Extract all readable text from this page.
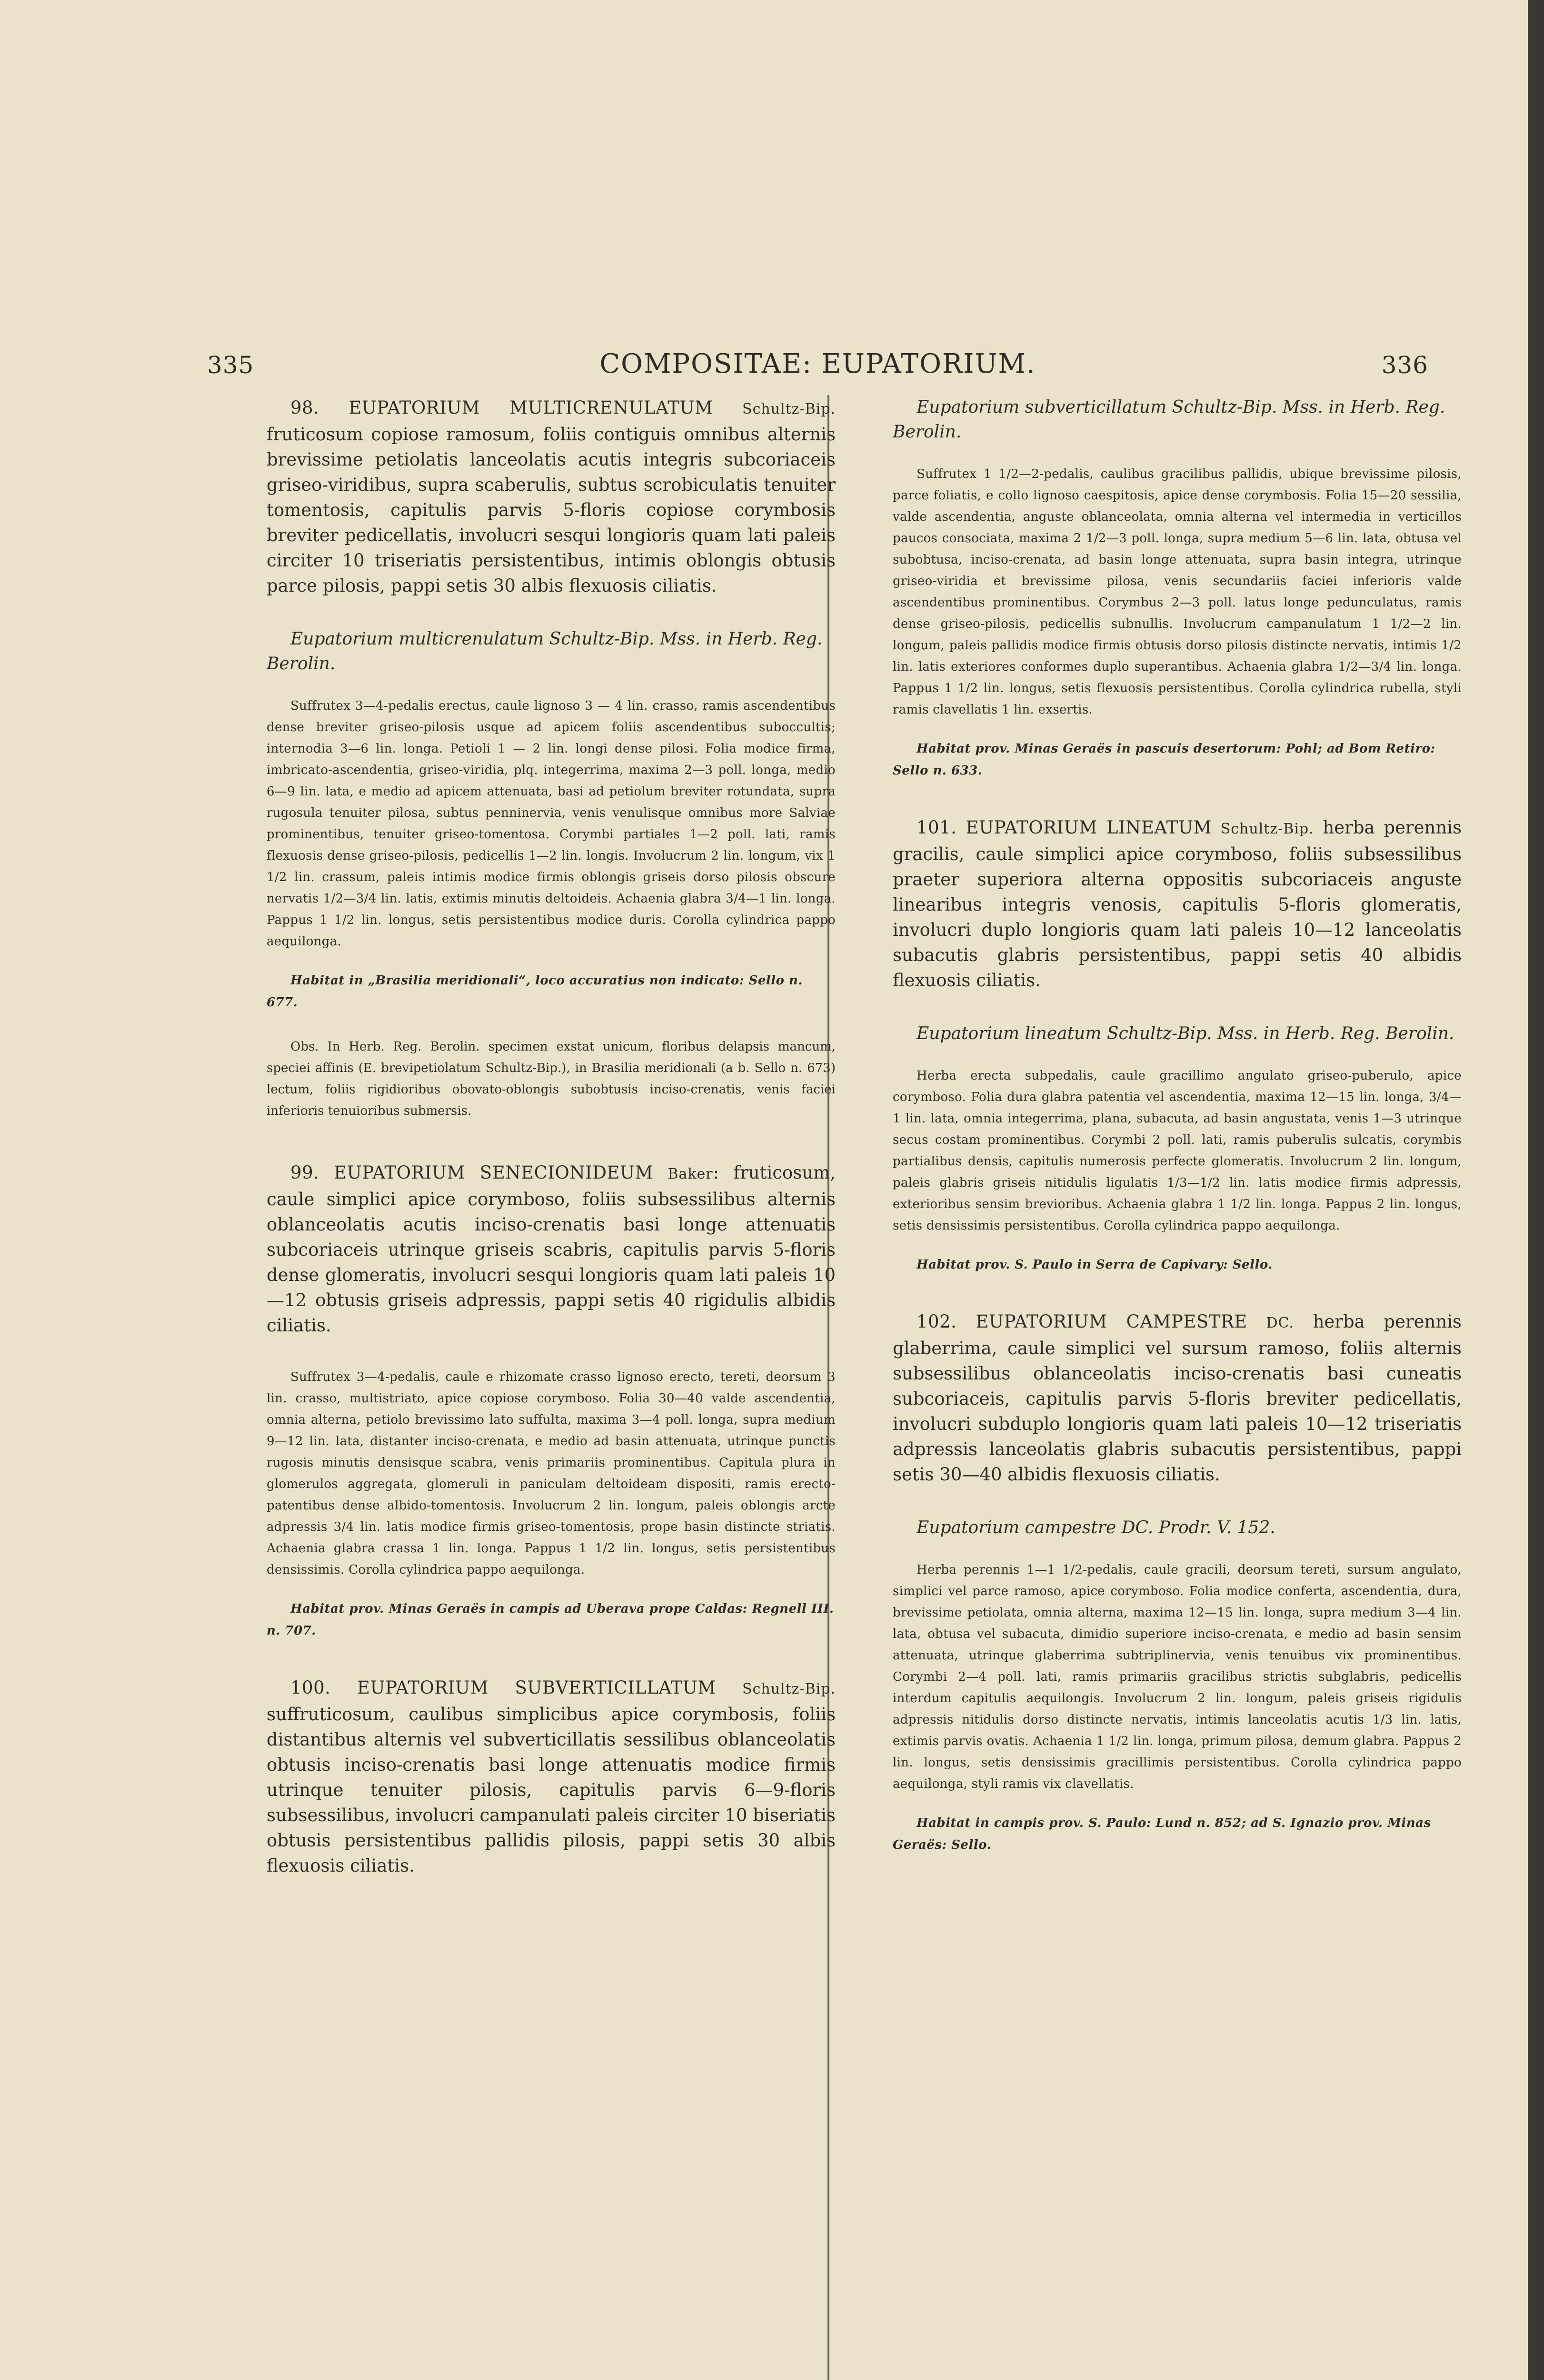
335	COMPOSITAE: EUPATORIUM.	336

98. EUPATORIUM MULTICRENULATUM Schultz-Bip. fruticosum copiose ramosum, foliis contiguis omnibus alternis brevissime petiolatis lanceolatis acutis integris subcoriaceis griseo-viridibus, supra scaberulis, subtus scrobiculatis tenuiter tomentosis, capitulis parvis 5-floris copiose corymbosis breviter pedicellatis, involucri sesqui longioris quam lati paleis circiter 10 triseriatis persistentibus, intimis oblongis obtusis parce pilosis, pappi setis 30 albis flexuosis ciliatis.

Eupatorium multicrenulatum Schultz-Bip. Mss. in Herb. Reg. Berolin.

Suffrutex 3—4-pedalis erectus, caule lignoso 3 — 4 lin. crasso, ramis ascendentibus dense breviter griseo-pilosis usque ad apicem foliis ascendentibus suboccultis; internodia 3—6 lin. longa. Petioli 1 — 2 lin. longi dense pilosi. Folia modice firma, imbricato-ascendentia, griseo-viridia, plq. integerrima, maxima 2—3 poll. longa, medio 6—9 lin. lata, e medio ad apicem attenuata, basi ad petiolum breviter rotundata, supra rugosula tenuiter pilosa, subtus penninervia, venis venulisque omnibus more Salviae prominentibus, tenuiter griseo-tomentosa. Corymbi partiales 1—2 poll. lati, ramis flexuosis dense griseo-pilosis, pedicellis 1—2 lin. longis. Involucrum 2 lin. longum, vix 1 1/2 lin. crassum, paleis intimis modice firmis oblongis griseis dorso pilosis obscure nervatis 1/2—3/4 lin. latis, extimis minutis deltoideis. Achaenia glabra 3/4—1 lin. longa. Pappus 1 1/2 lin. longus, setis persistentibus modice duris. Corolla cylindrica pappo aequilonga.

Habitat in „Brasilia meridionali“, loco accuratius non indicato: Sello n. 677.

Obs. In Herb. Reg. Berolin. specimen exstat unicum, floribus delapsis mancum, speciei affinis (E. brevipetiolatum Schultz-Bip.), in Brasilia meridionali (a b. Sello n. 673) lectum, foliis rigidioribus obovato-oblongis subobtusis inciso-crenatis, venis faciei inferioris tenuioribus submersis.

99. EUPATORIUM SENECIONIDEUM Baker: fruticosum, caule simplici apice corymboso, foliis subsessilibus alternis oblanceolatis acutis inciso-crenatis basi longe attenuatis subcoriaceis utrinque griseis scabris, capitulis parvis 5-floris dense glomeratis, involucri sesqui longioris quam lati paleis 10—12 obtusis griseis adpressis, pappi setis 40 rigidulis albidis ciliatis.

Suffrutex 3—4-pedalis, caule e rhizomate crasso lignoso erecto, tereti, deorsum 3 lin. crasso, multistriato, apice copiose corymboso. Folia 30—40 valde ascendentia, omnia alterna, petiolo brevissimo lato suffulta, maxima 3—4 poll. longa, supra medium 9—12 lin. lata, distanter inciso-crenata, e medio ad basin attenuata, utrinque punctis rugosis minutis densisque scabra, venis primariis prominentibus. Capitula plura in glomerulos aggregata, glomeruli in paniculam deltoideam dispositi, ramis erecto-patentibus dense albido-tomentosis. Involucrum 2 lin. longum, paleis oblongis arcte adpressis 3/4 lin. latis modice firmis griseo-tomentosis, prope basin distincte striatis. Achaenia glabra crassa 1 lin. longa. Pappus 1 1/2 lin. longus, setis persistentibus densissimis. Corolla cylindrica pappo aequilonga.

Habitat prov. Minas Geraës in campis ad Uberava prope Caldas: Regnell III. n. 707.

100. EUPATORIUM SUBVERTICILLATUM Schultz-Bip. suffruticosum, caulibus simplicibus apice corymbosis, foliis distantibus alternis vel subverticillatis sessilibus oblanceolatis obtusis inciso-crenatis basi longe attenuatis modice firmis utrinque tenuiter pilosis, capitulis parvis 6—9-floris subsessilibus, involucri campanulati paleis circiter 10 biseriatis obtusis persistentibus pallidis pilosis, pappi setis 30 albis flexuosis ciliatis.

Eupatorium subverticillatum Schultz-Bip. Mss. in Herb. Reg. Berolin.

Suffrutex 1 1/2—2-pedalis, caulibus gracilibus pallidis, ubique brevissime pilosis, parce foliatis, e collo lignoso caespitosis, apice dense corymbosis. Folia 15—20 sessilia, valde ascendentia, anguste oblanceolata, omnia alterna vel intermedia in verticillos paucos consociata, maxima 2 1/2—3 poll. longa, supra medium 5—6 lin. lata, obtusa vel subobtusa, inciso-crenata, ad basin longe attenuata, supra basin integra, utrinque griseo-viridia et brevissime pilosa, venis secundariis faciei inferioris valde ascendentibus prominentibus. Corymbus 2—3 poll. latus longe pedunculatus, ramis dense griseo-pilosis, pedicellis subnullis. Involucrum campanulatum 1 1/2—2 lin. longum, paleis pallidis modice firmis obtusis dorso pilosis distincte nervatis, intimis 1/2 lin. latis exteriores conformes duplo superantibus. Achaenia glabra 1/2—3/4 lin. longa. Pappus 1 1/2 lin. longus, setis flexuosis persistentibus. Corolla cylindrica rubella, styli ramis clavellatis 1 lin. exsertis.

Habitat prov. Minas Geraës in pascuis desertorum: Pohl; ad Bom Retiro: Sello n. 633.

101. EUPATORIUM LINEATUM Schultz-Bip. herba perennis gracilis, caule simplici apice corymboso, foliis subsessilibus praeter superiora alterna oppositis subcoriaceis anguste linearibus integris venosis, capitulis 5-floris glomeratis, involucri duplo longioris quam lati paleis 10—12 lanceolatis subacutis glabris persistentibus, pappi setis 40 albidis flexuosis ciliatis.

Eupatorium lineatum Schultz-Bip. Mss. in Herb. Reg. Berolin.

Herba erecta subpedalis, caule gracillimo angulato griseo-puberulo, apice corymboso. Folia dura glabra patentia vel ascendentia, maxima 12—15 lin. longa, 3/4—1 lin. lata, omnia integerrima, plana, subacuta, ad basin angustata, venis 1—3 utrinque secus costam prominentibus. Corymbi 2 poll. lati, ramis puberulis sulcatis, corymbis partialibus densis, capitulis numerosis perfecte glomeratis. Involucrum 2 lin. longum, paleis glabris griseis nitidulis ligulatis 1/3—1/2 lin. latis modice firmis adpressis, exterioribus sensim brevioribus. Achaenia glabra 1 1/2 lin. longa. Pappus 2 lin. longus, setis densissimis persistentibus. Corolla cylindrica pappo aequilonga.

Habitat prov. S. Paulo in Serra de Capivary: Sello.

102. EUPATORIUM CAMPESTRE DC. herba perennis glaberrima, caule simplici vel sursum ramoso, foliis alternis subsessilibus oblanceolatis inciso-crenatis basi cuneatis subcoriaceis, capitulis parvis 5-floris breviter pedicellatis, involucri subduplo longioris quam lati paleis 10—12 triseriatis adpressis lanceolatis glabris subacutis persistentibus, pappi setis 30—40 albidis flexuosis ciliatis.

Eupatorium campestre DC. Prodr. V. 152.

Herba perennis 1—1 1/2-pedalis, caule gracili, deorsum tereti, sursum angulato, simplici vel parce ramoso, apice corymboso. Folia modice conferta, ascendentia, dura, brevissime petiolata, omnia alterna, maxima 12—15 lin. longa, supra medium 3—4 lin. lata, obtusa vel subacuta, dimidio superiore inciso-crenata, e medio ad basin sensim attenuata, utrinque glaberrima subtriplinervia, venis tenuibus vix prominentibus. Corymbi 2—4 poll. lati, ramis primariis gracilibus strictis subglabris, pedicellis interdum capitulis aequilongis. Involucrum 2 lin. longum, paleis griseis rigidulis adpressis nitidulis dorso distincte nervatis, intimis lanceolatis acutis 1/3 lin. latis, extimis parvis ovatis. Achaenia 1 1/2 lin. longa, primum pilosa, demum glabra. Pappus 2 lin. longus, setis densissimis gracillimis persistentibus. Corolla cylindrica pappo aequilonga, styli ramis vix clavellatis.

Habitat in campis prov. S. Paulo: Lund n. 852; ad S. Ignazio prov. Minas Geraës: Sello.
